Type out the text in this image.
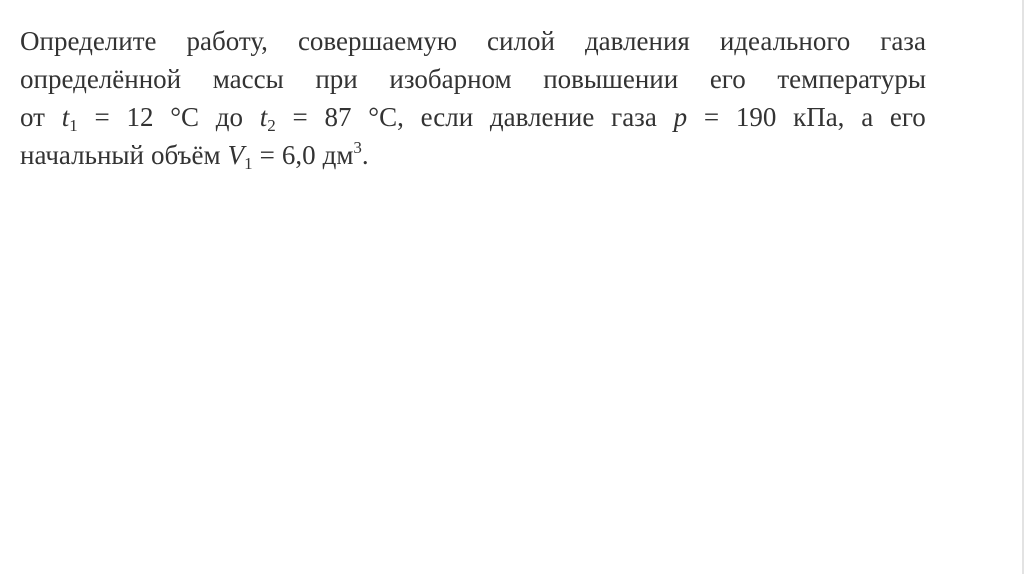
Определите работу, совершаемую силой давления идеального газа
определённой массы при изобарном повышении его температуры
от $t_1 = 12$ °C до $t_2 = 87$ °C, если давление газа p = 190 кПа, а его
начальный объём $V_1 = 6,0$ $дм^3$.
